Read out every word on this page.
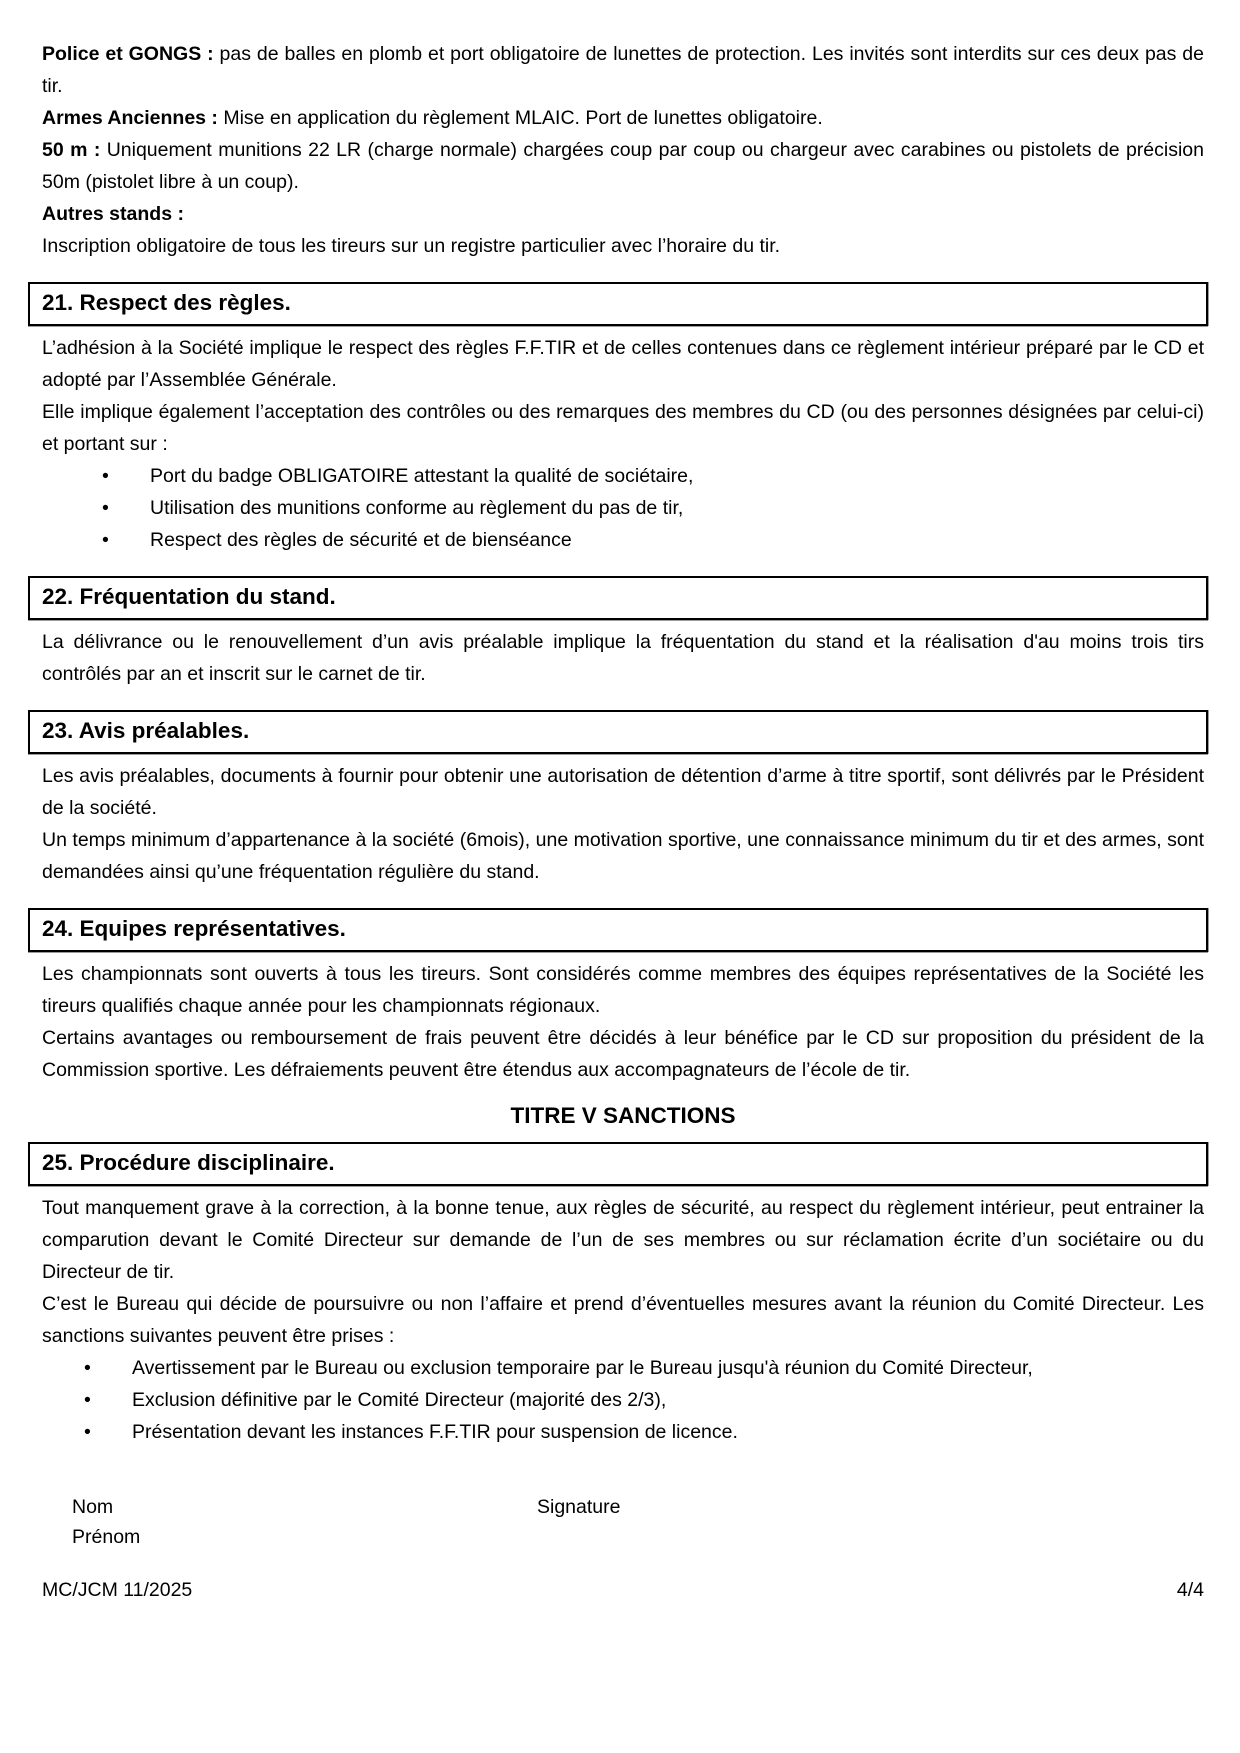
Police et GONGS : pas de balles en plomb et port obligatoire de lunettes de protection. Les invités sont interdits sur ces deux pas de tir.

Armes Anciennes : Mise en application du règlement MLAIC. Port de lunettes obligatoire.

50 m : Uniquement munitions 22 LR (charge normale) chargées coup par coup ou chargeur avec carabines ou pistolets de précision 50m (pistolet libre à un coup).

Autres stands :

Inscription obligatoire de tous les tireurs sur un registre particulier avec l’horaire du tir.

21. Respect des règles.

L’adhésion à la Société implique le respect des règles F.F.TIR et de celles contenues dans ce règlement intérieur préparé par le CD et adopté par l’Assemblée Générale.

Elle implique également l’acceptation des contrôles ou des remarques des membres du CD (ou des personnes désignées par celui-ci) et portant sur :

• Port du badge OBLIGATOIRE attestant la qualité de sociétaire,
• Utilisation des munitions conforme au règlement du pas de tir,
• Respect des règles de sécurité et de bienséance
22. Fréquentation du stand.

La délivrance ou le renouvellement d’un avis préalable implique la fréquentation du stand et la réalisation d'au moins trois tirs contrôlés par an et inscrit sur le carnet de tir.

23. Avis préalables.

Les avis préalables, documents à fournir pour obtenir une autorisation de détention d’arme à titre sportif, sont délivrés par le Président de la société.

Un temps minimum d’appartenance à la société (6mois), une motivation sportive, une connaissance minimum du tir et des armes, sont demandées ainsi qu’une fréquentation régulière du stand.

24. Equipes représentatives.

Les championnats sont ouverts à tous les tireurs. Sont considérés comme membres des équipes représentatives de la Société les tireurs qualifiés chaque année pour les championnats régionaux.

Certains avantages ou remboursement de frais peuvent être décidés à leur bénéfice par le CD sur proposition du président de la Commission sportive. Les défraiements peuvent être étendus aux accompagnateurs de l’école de tir.

TITRE V SANCTIONS
25. Procédure disciplinaire.

Tout manquement grave à la correction, à la bonne tenue, aux règles de sécurité, au respect du règlement intérieur, peut entrainer la comparution devant le Comité Directeur sur demande de l’un de ses membres ou sur réclamation écrite d’un sociétaire ou du Directeur de tir.

C’est le Bureau qui décide de poursuivre ou non l’affaire et prend d’éventuelles mesures avant la réunion du Comité Directeur. Les sanctions suivantes peuvent être prises :

• Avertissement par le Bureau ou exclusion temporaire par le Bureau jusqu'à réunion du Comité Directeur,
• Exclusion définitive par le Comité Directeur (majorité des 2/3),
• Présentation devant les instances F.F.TIR pour suspension de licence.
Nom	Signature
Prénom
MC/JCM 11/2025	4/4
